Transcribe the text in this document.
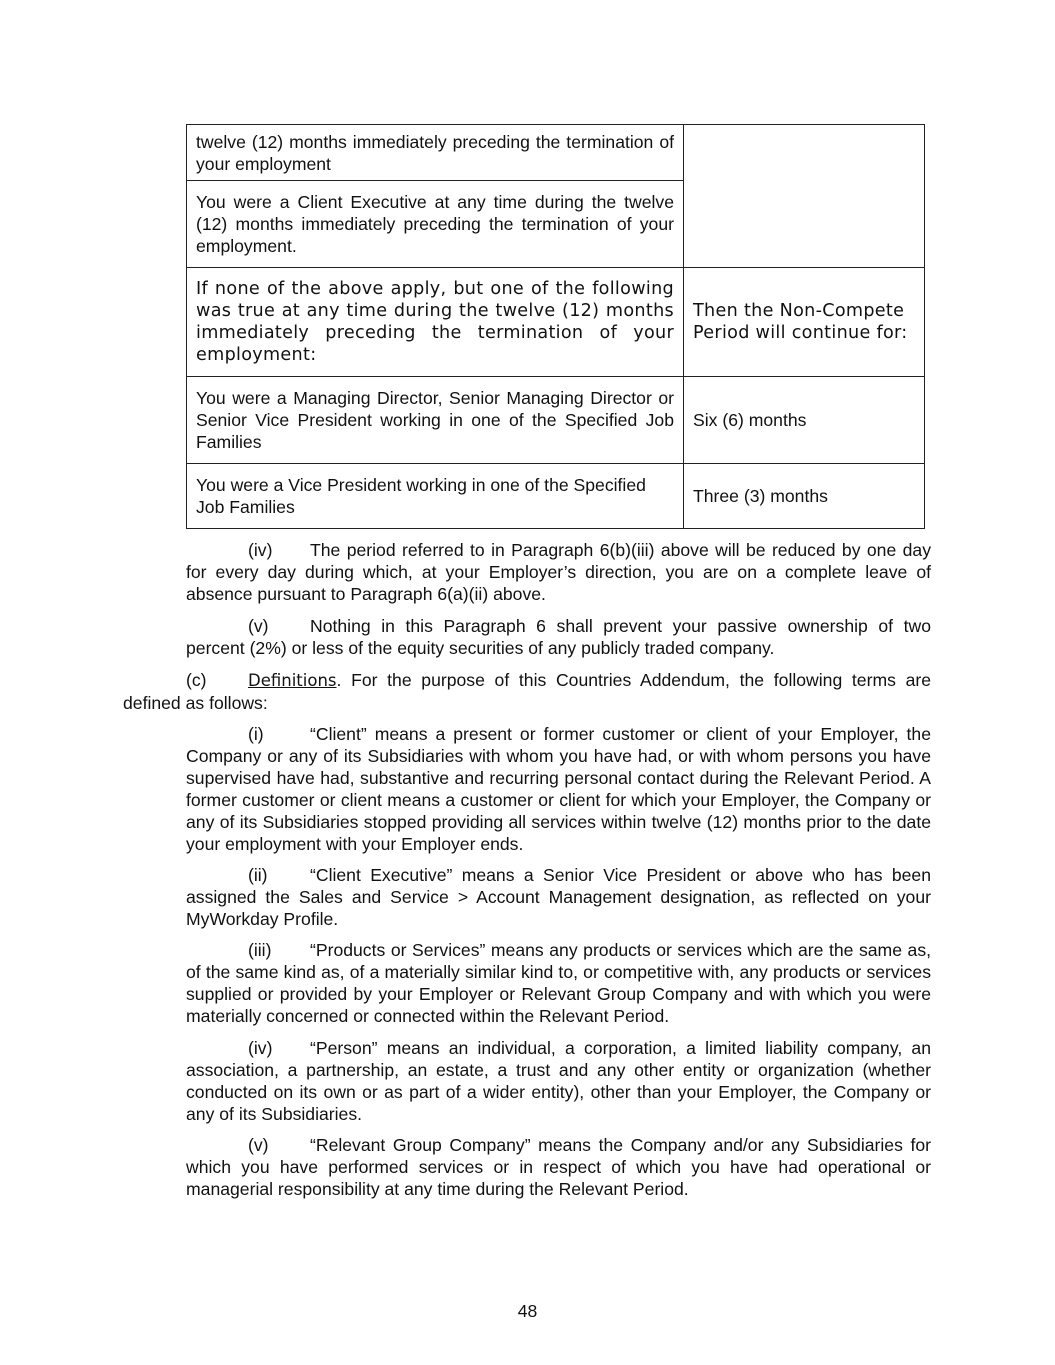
twelve (12) months immediately preceding the termination of your employment	
You were a Client Executive at any time during the twelve (12) months immediately preceding the termination of your employment.	
If none of the above apply, but one of the following was true at any time during the twelve (12) months immediately preceding the termination of your employment:	Then the Non-Compete Period will continue for:
You were a Managing Director, Senior Managing Director or Senior Vice President working in one of the Specified Job Families	Six (6) months
You were a Vice President working in one of the Specified Job Families	Three (3) months

(iv) The period referred to in Paragraph 6(b)(iii) above will be reduced by one day for every day during which, at your Employer’s direction, you are on a complete leave of absence pursuant to Paragraph 6(a)(ii) above.

(v) Nothing in this Paragraph 6 shall prevent your passive ownership of two percent (2%) or less of the equity securities of any publicly traded company.

(c)	Definitions. For the purpose of this Countries Addendum, the following terms are defined as follows:

(i)	“Client” means a present or former customer or client of your Employer, the Company or any of its Subsidiaries with whom you have had, or with whom persons you have supervised have had, substantive and recurring personal contact during the Relevant Period. A former customer or client means a customer or client for which your Employer, the Company or any of its Subsidiaries stopped providing all services within twelve (12) months prior to the date your employment with your Employer ends.

(ii) “Client Executive” means a Senior Vice President or above who has been assigned the Sales and Service > Account Management designation, as reflected on your MyWorkday Profile.

(iii) “Products or Services” means any products or services which are the same as, of the same kind as, of a materially similar kind to, or competitive with, any products or services supplied or provided by your Employer or Relevant Group Company and with which you were materially concerned or connected within the Relevant Period.

(iv) “Person” means an individual, a corporation, a limited liability company, an association, a partnership, an estate, a trust and any other entity or organization (whether conducted on its own or as part of a wider entity), other than your Employer, the Company or any of its Subsidiaries.

(v) “Relevant Group Company” means the Company and/or any Subsidiaries for which you have performed services or in respect of which you have had operational or managerial responsibility at any time during the Relevant Period.

48
